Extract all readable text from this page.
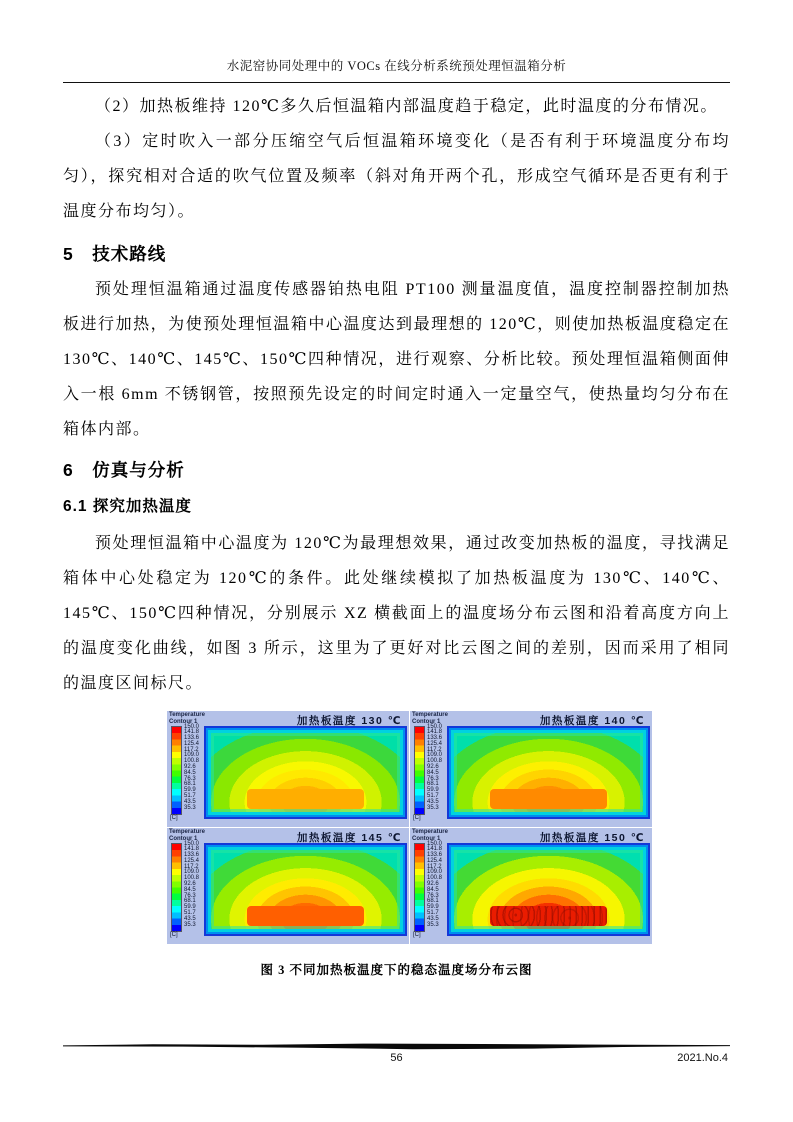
水泥窑协同处理中的 VOCs 在线分析系统预处理恒温箱分析

（2）加热板维持 120℃多久后恒温箱内部温度趋于稳定，此时温度的分布情况。

（3）定时吹入一部分压缩空气后恒温箱环境变化（是否有利于环境温度分布均匀），探究相对合适的吹气位置及频率（斜对角开两个孔，形成空气循环是否更有利于温度分布均匀）。

5　技术路线

预处理恒温箱通过温度传感器铂热电阻 PT100 测量温度值，温度控制器控制加热板进行加热，为使预处理恒温箱中心温度达到最理想的 120℃，则使加热板温度稳定在 130℃、140℃、145℃、150℃四种情况，进行观察、分析比较。预处理恒温箱侧面伸入一根 6mm 不锈钢管，按照预先设定的时间定时通入一定量空气，使热量均匀分布在箱体内部。

6　仿真与分析
6.1 探究加热温度

预处理恒温箱中心温度为 120℃为最理想效果，通过改变加热板的温度，寻找满足箱体中心处稳定为 120℃的条件。此处继续模拟了加热板温度为 130℃、140℃、145℃、150℃四种情况，分别展示 XZ 横截面上的温度场分布云图和沿着高度方向上的温度变化曲线，如图 3 所示，这里为了更好对比云图之间的差别，因而采用了相同的温度区间标尺。

Temperature
Contour 1
150.0
141.8
133.6
125.4
117.2
109.0
100.8
92.6
84.5
76.3
68.1
59.9
51.7
43.5
35.3
[C]
加热板温度 130 ℃ Temperature
Contour 1
150.0
141.8
133.6
125.4
117.2
109.0
100.8
92.6
84.5
76.3
68.1
59.9
51.7
43.5
35.3
[C]
加热板温度 140 ℃
Temperature
Contour 1
150.0
141.8
133.6
125.4
117.2
109.0
100.8
92.6
84.5
76.3
68.1
59.9
51.7
43.5
35.3
[C]
加热板温度 145 ℃ Temperature
Contour 1
150.0
141.8
133.6
125.4
117.2
109.0
100.8
92.6
84.5
76.3
68.1
59.9
51.7
43.5
35.3
[C]
加热板温度 150 ℃
图 3 不同加热板温度下的稳态温度场分布云图
56	2021.No.4
